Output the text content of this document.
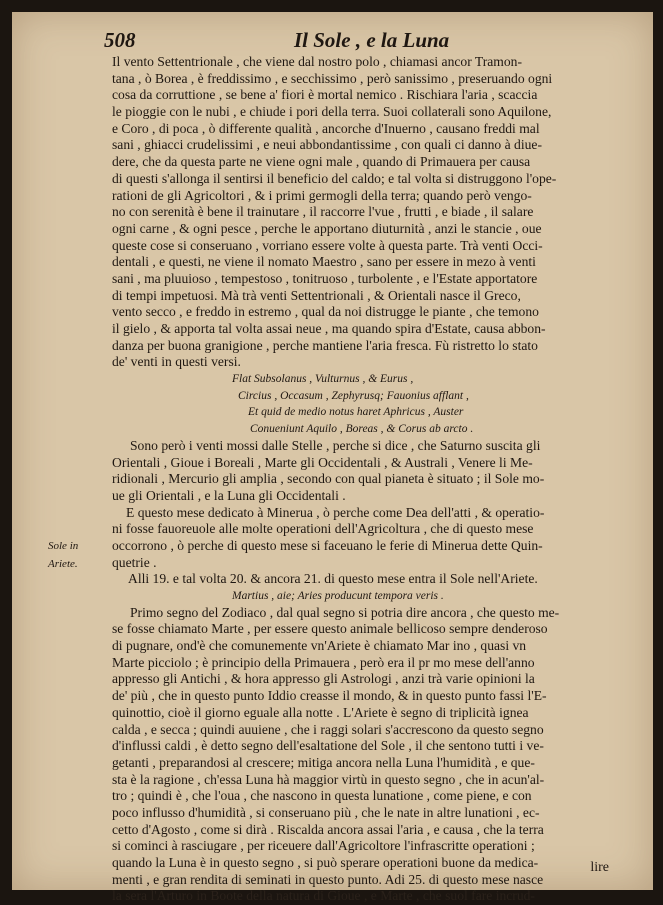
508	Il Sole , e la Luna
Sole in
Ariete.
Il vento Settentrionale , che viene dal nostro polo , chiamasi ancor Tramon-
tana , ò Borea , è freddissimo , e secchissimo , però sanissimo , preseruando ogni
cosa da corruttione , se bene a' fiori è mortal nemico . Rischiara l'aria , scaccia
le pioggie con le nubi , e chiude i pori della terra. Suoi collaterali sono Aquilone,
e Coro , di poca , ò differente qualità , ancorche d'Inuerno , causano freddi mal
sani , ghiacci crudelissimi , e neui abbondantissime , con quali ci danno à diue-
dere, che da questa parte ne viene ogni male , quando di Primauera per causa
di questi s'allonga il sentirsi il beneficio del caldo; e tal volta si distruggono l'ope-
rationi de gli Agricoltori , & i primi germogli della terra; quando però vengo-
no con serenità è bene il trainutare , il raccorre l'vue , frutti , e biade , il salare
ogni carne , & ogni pesce , perche le apportano diuturnità , anzi le stancie , oue
queste cose si conseruano , vorriano essere volte à questa parte. Trà venti Occi-
dentali , e questi, ne viene il nomato Maestro , sano per essere in mezo à venti
sani , ma pluuioso , tempestoso , tonitruoso , turbolente , e l'Estate apportatore
di tempi impetuosi. Mà trà venti Settentrionali , & Orientali nasce il Greco,
vento secco , e freddo in estremo , qual da noi distrugge le piante , che temono
il gielo , & apporta tal volta assai neue , ma quando spira d'Estate, causa abbon-
danza per buona granigione , perche mantiene l'aria fresca. Fù ristretto lo stato
de' venti in questi versi.
Flat Subsolanus , Vulturnus , & Eurus ,
Circius , Occasum , Zephyrusq; Fauonius afflant ,
Et quid de medio notus haret Aphricus , Auster
Conueniunt Aquilo , Boreas , & Corus ab arcto .
Sono però i venti mossi dalle Stelle , perche si dice , che Saturno suscita gli
Orientali , Gioue i Boreali , Marte gli Occidentali , & Australi , Venere li Me-
ridionali , Mercurio gli amplia , secondo con qual pianeta è situato ; il Sole mo-
ue gli Orientali , e la Luna gli Occidentali .
E questo mese dedicato à Minerua , ò perche come Dea dell'atti , & operatio-
ni fosse fauoreuole alle molte operationi dell'Agricoltura , che di questo mese
occorrono , ò perche di questo mese si faceuano le ferie di Minerua dette Quin-
quetrie .
Alli 19. e tal volta 20. & ancora 21. di questo mese entra il Sole nell'Ariete.
Martius , aie; Aries producunt tempora veris .
Primo segno del Zodiaco , dal qual segno si potria dire ancora , che questo me-
se fosse chiamato Marte , per essere questo animale bellicoso sempre denderoso
di pugnare, ond'è che comunemente vn'Ariete è chiamato Mar ino , quasi vn
Marte picciolo ; è principio della Primauera , però era il pr mo mese dell'anno
appresso gli Antichi , & hora appresso gli Astrologi , anzi trà varie opinioni la
de' più , che in questo punto Iddio creasse il mondo, & in questo punto fassi l'E-
quinottio, cioè il giorno eguale alla notte . L'Ariete è segno di triplicità ignea
calda , e secca ; quindi auuiene , che i raggi solari s'accrescono da questo segno
d'influssi caldi , è detto segno dell'esaltatione del Sole , il che sentono tutti i ve-
getanti , preparandosi al crescere; mitiga ancora nella Luna l'humidità , e que-
sta è la ragione , ch'essa Luna hà maggior virtù in questo segno , che in acun'al-
tro ; quindi è , che l'oua , che nascono in questa lunatione , come piene, e con
poco influsso d'humidità , si conseruano più , che le nate in altre lunationi , ec-
cetto d'Agosto , come si dirà . Riscalda ancora assai l'aria , e causa , che la terra
si cominci à rasciugare , per riceuere dall'Agricoltore l'infrascritte operationi ;
quando la Luna è in questo segno , si può sperare operationi buone da medica-
menti , e gran rendita di seminati in questo punto. Adi 25. di questo mese nasce
la sera l'Arturo in Boote della natura di Gioue , e Marte , che suol fare incrud-
lire
